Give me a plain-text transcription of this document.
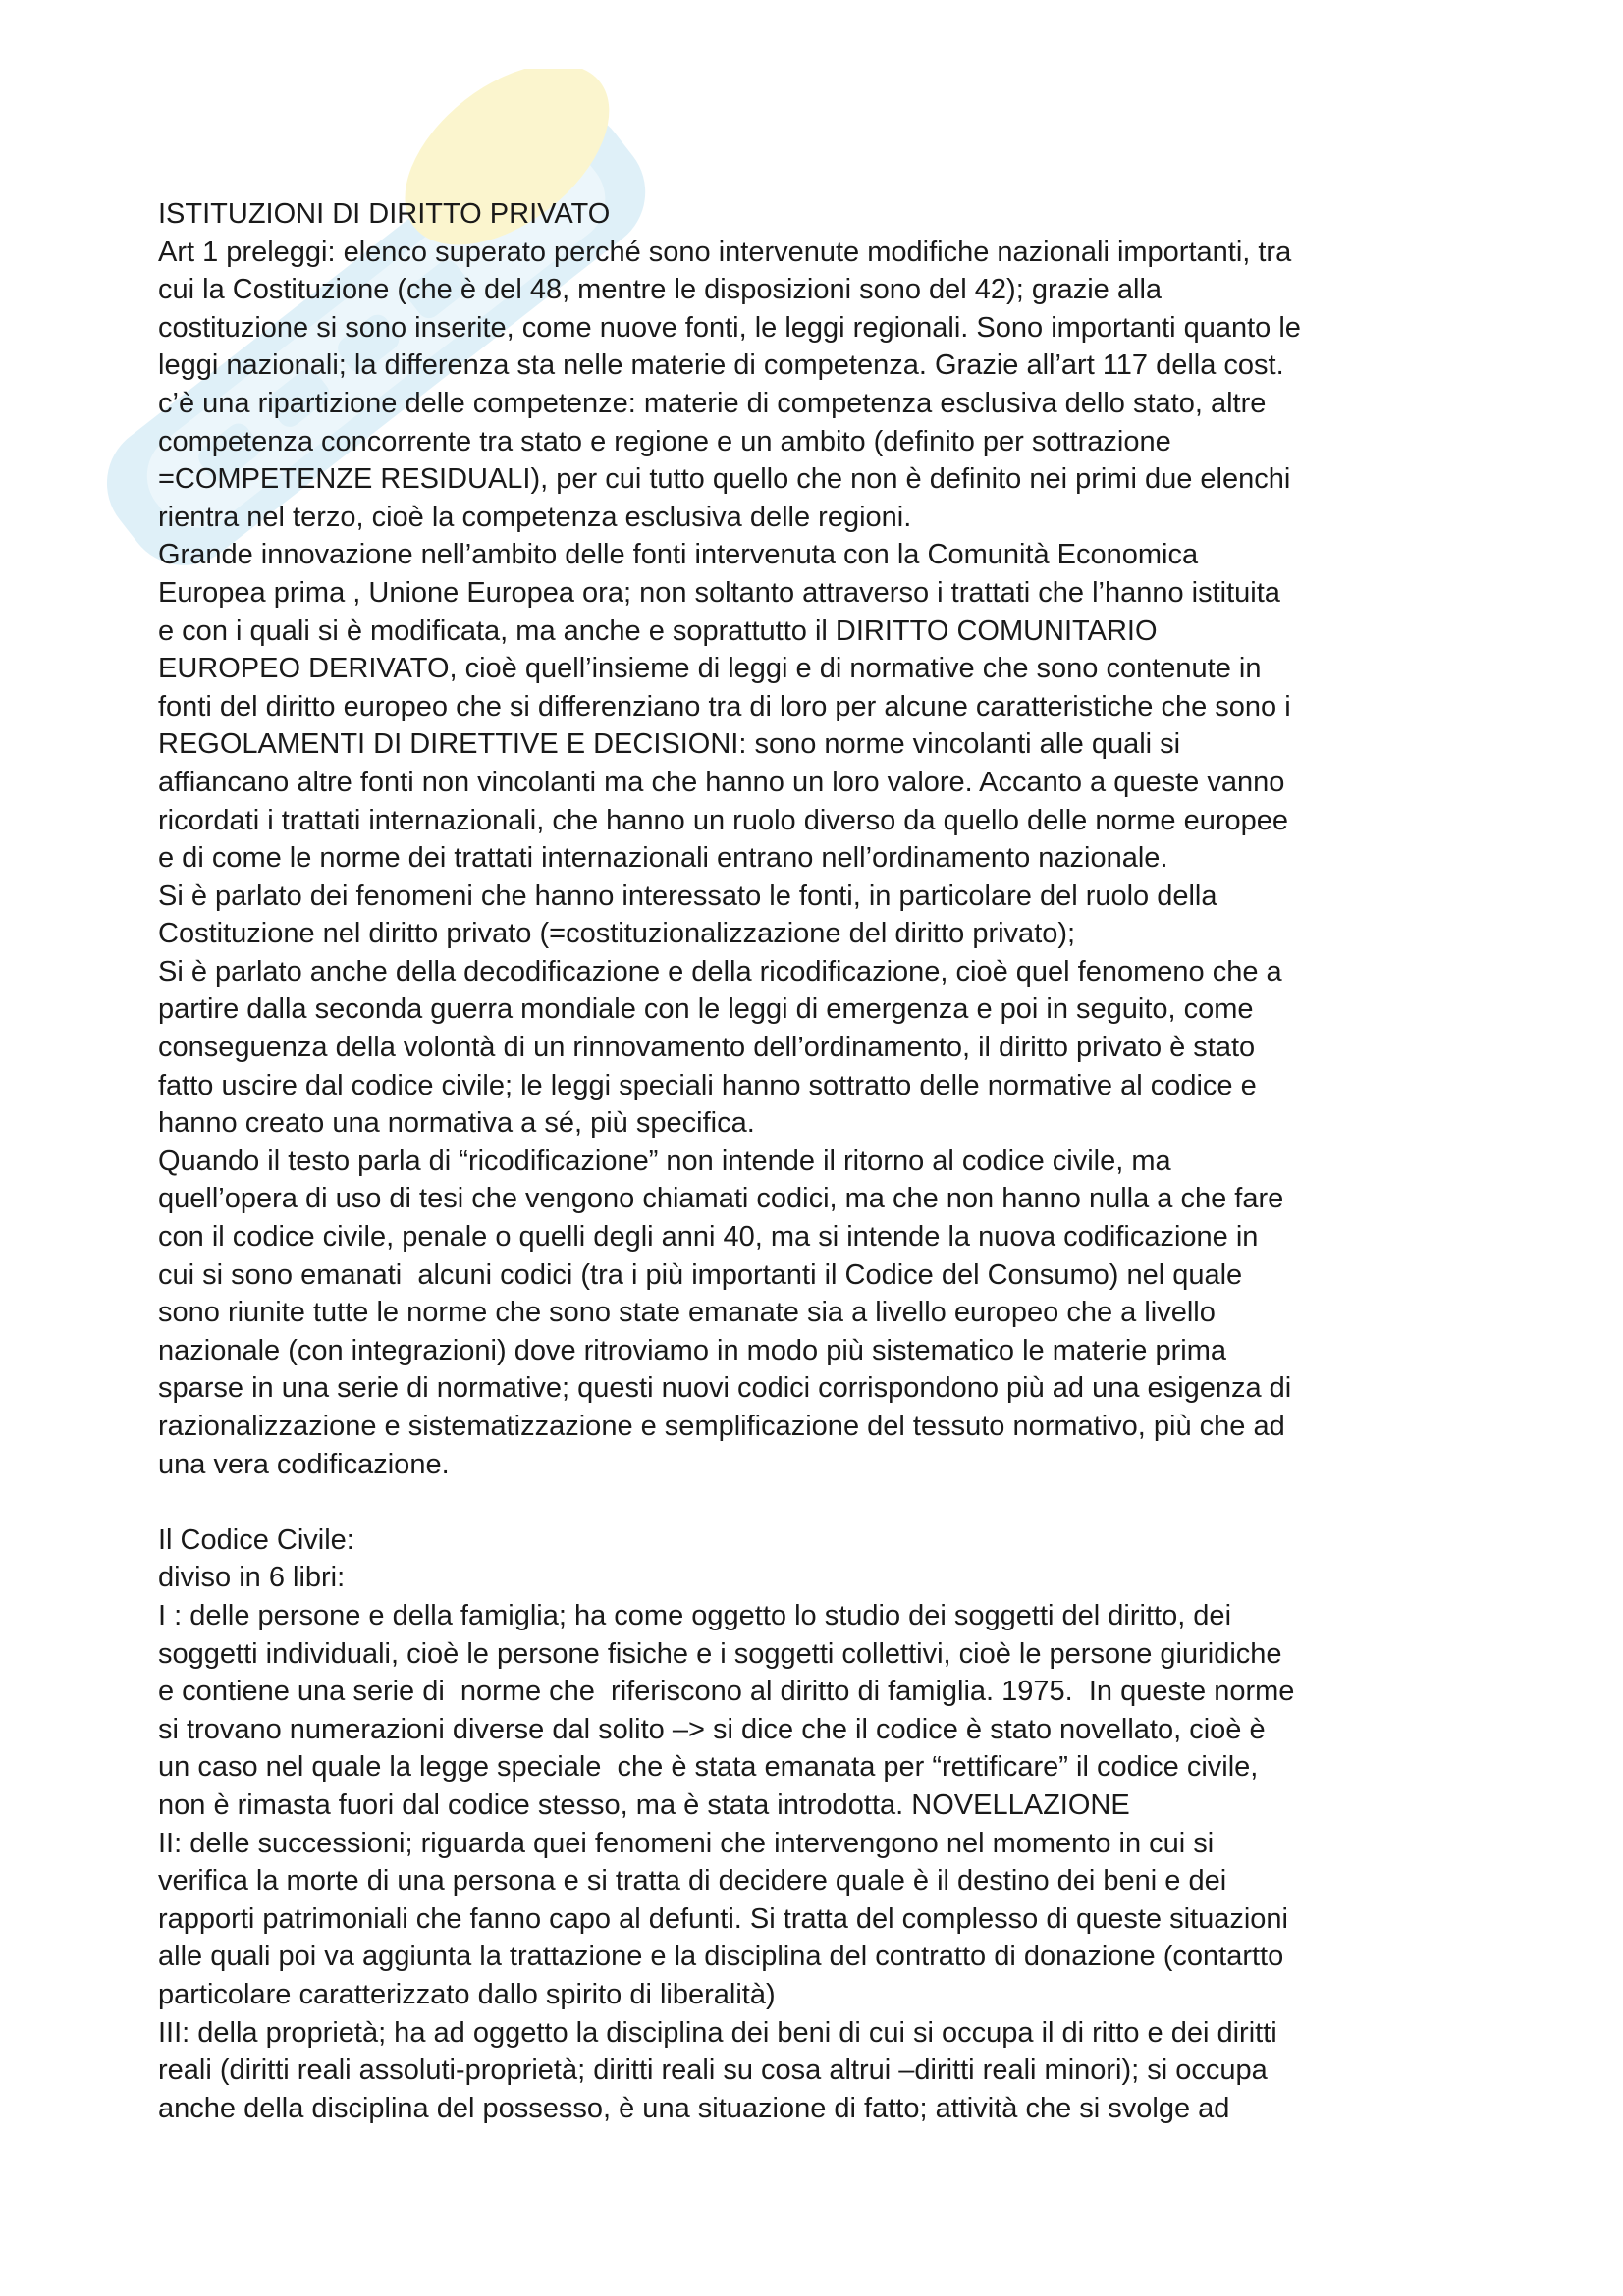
ISTITUZIONI DI DIRITTO PRIVATO
Art 1 preleggi: elenco superato perché sono intervenute modifiche nazionali importanti, tra
cui la Costituzione (che è del 48, mentre le disposizioni sono del 42); grazie alla
costituzione si sono inserite, come nuove fonti, le leggi regionali. Sono importanti quanto le
leggi nazionali; la differenza sta nelle materie di competenza. Grazie all’art 117 della cost.
c’è una ripartizione delle competenze: materie di competenza esclusiva dello stato, altre
competenza concorrente tra stato e regione e un ambito (definito per sottrazione
=COMPETENZE RESIDUALI), per cui tutto quello che non è definito nei primi due elenchi
rientra nel terzo, cioè la competenza esclusiva delle regioni.
Grande innovazione nell’ambito delle fonti intervenuta con la Comunità Economica
Europea prima , Unione Europea ora; non soltanto attraverso i trattati che l’hanno istituita
e con i quali si è modificata, ma anche e soprattutto il DIRITTO COMUNITARIO
EUROPEO DERIVATO, cioè quell’insieme di leggi e di normative che sono contenute in
fonti del diritto europeo che si differenziano tra di loro per alcune caratteristiche che sono i
REGOLAMENTI DI DIRETTIVE E DECISIONI: sono norme vincolanti alle quali si
affiancano altre fonti non vincolanti ma che hanno un loro valore. Accanto a queste vanno
ricordati i trattati internazionali, che hanno un ruolo diverso da quello delle norme europee
e di come le norme dei trattati internazionali entrano nell’ordinamento nazionale.
Si è parlato dei fenomeni che hanno interessato le fonti, in particolare del ruolo della
Costituzione nel diritto privato (=costituzionalizzazione del diritto privato);
Si è parlato anche della decodificazione e della ricodificazione, cioè quel fenomeno che a
partire dalla seconda guerra mondiale con le leggi di emergenza e poi in seguito, come
conseguenza della volontà di un rinnovamento dell’ordinamento, il diritto privato è stato
fatto uscire dal codice civile; le leggi speciali hanno sottratto delle normative al codice e
hanno creato una normativa a sé, più specifica.
Quando il testo parla di “ricodificazione” non intende il ritorno al codice civile, ma
quell’opera di uso di tesi che vengono chiamati codici, ma che non hanno nulla a che fare
con il codice civile, penale o quelli degli anni 40, ma si intende la nuova codificazione in
cui si sono emanati  alcuni codici (tra i più importanti il Codice del Consumo) nel quale
sono riunite tutte le norme che sono state emanate sia a livello europeo che a livello
nazionale (con integrazioni) dove ritroviamo in modo più sistematico le materie prima
sparse in una serie di normative; questi nuovi codici corrispondono più ad una esigenza di
razionalizzazione e sistematizzazione e semplificazione del tessuto normativo, più che ad
una vera codificazione.
Il Codice Civile:
diviso in 6 libri:
I : delle persone e della famiglia; ha come oggetto lo studio dei soggetti del diritto, dei
soggetti individuali, cioè le persone fisiche e i soggetti collettivi, cioè le persone giuridiche
e contiene una serie di  norme che  riferiscono al diritto di famiglia. 1975.  In queste norme
si trovano numerazioni diverse dal solito –> si dice che il codice è stato novellato, cioè è
un caso nel quale la legge speciale  che è stata emanata per “rettificare” il codice civile,
non è rimasta fuori dal codice stesso, ma è stata introdotta. NOVELLAZIONE
II: delle successioni; riguarda quei fenomeni che intervengono nel momento in cui si
verifica la morte di una persona e si tratta di decidere quale è il destino dei beni e dei
rapporti patrimoniali che fanno capo al defunti. Si tratta del complesso di queste situazioni
alle quali poi va aggiunta la trattazione e la disciplina del contratto di donazione (contartto
particolare caratterizzato dallo spirito di liberalità)
III: della proprietà; ha ad oggetto la disciplina dei beni di cui si occupa il di ritto e dei diritti
reali (diritti reali assoluti-proprietà; diritti reali su cosa altrui –diritti reali minori); si occupa
anche della disciplina del possesso, è una situazione di fatto; attività che si svolge ad
